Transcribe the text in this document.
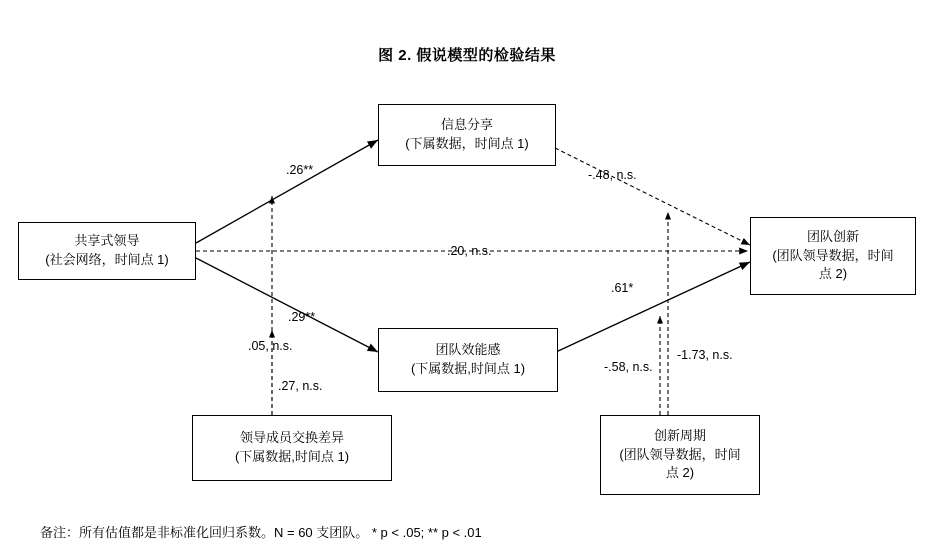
图 2. 假说模型的检验结果
共享式领导
(社会网络，时间点 1)
信息分享
(下属数据，时间点 1)
团队效能感
(下属数据,时间点 1)
领导成员交换差异
(下属数据,时间点 1)
创新周期
(团队领导数据，时间
点 2)
团队创新
(团队领导数据，时间
点 2)
.26**	-.48, n.s.
.20, n.s.
.29**
.05, n.s.
.27, n.s.
.61*
-.58, n.s.
-1.73, n.s.
备注：所有估值都是非标准化回归系数。N = 60 支团队。 * p < .05; ** p < .01
